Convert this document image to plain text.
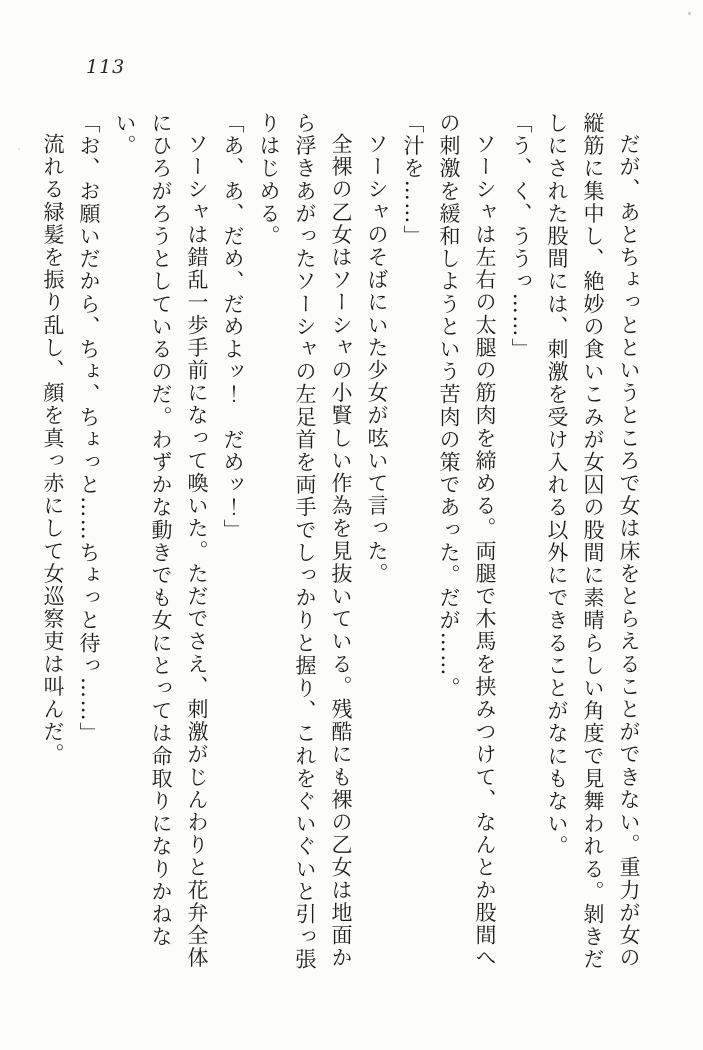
113

だが、あとちょっとというところで女は床をとらえることができない。重力が女の縦筋に集中し、絶妙の食いこみが女囚の股間に素晴らしい角度で見舞われる。剝きだしにされた股間には、刺激を受け入れる以外にできることがなにもない。

「う、く、ううっ……」

ソーシャは左右の太腿の筋肉を締める。両腿で木馬を挟みつけて、なんとか股間への刺激を緩和しようという苦肉の策であった。だが……。

「汁を……」

ソーシャのそばにいた少女が呟いて言った。

全裸の乙女はソーシャの小賢しい作為を見抜いている。残酷にも裸の乙女は地面から浮きあがったソーシャの左足首を両手でしっかりと握り、これをぐいぐいと引っ張りはじめる。

「あ、あ、だめ、だめよッ！　だめッ！」

ソーシャは錯乱一歩手前になって喚いた。ただでさえ、刺激がじんわりと花弁全体にひろがろうとしているのだ。わずかな動きでも女にとっては命取りになりかねない。

「お、お願いだから、ちょ、ちょっと……ちょっと待っ……」

流れる緑髪を振り乱し、顔を真っ赤にして女巡察吏は叫んだ。
